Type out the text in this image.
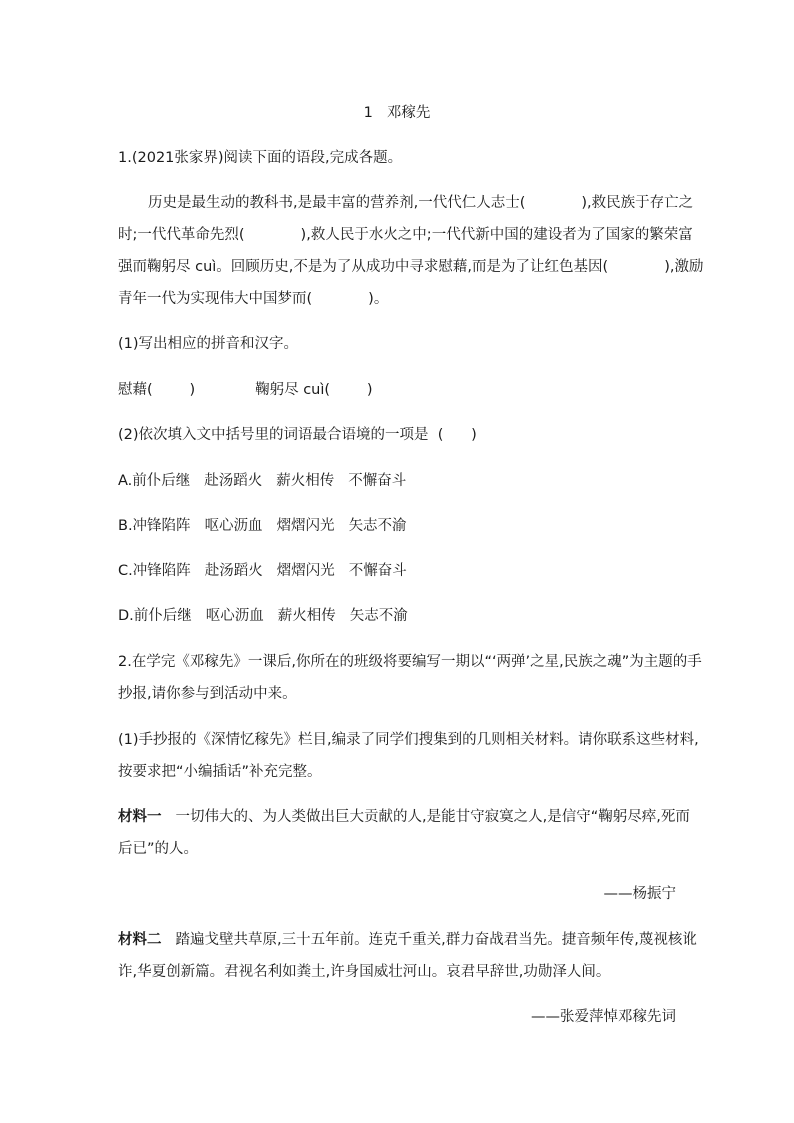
1 邓稼先
1.(2021张家界)阅读下面的语段,完成各题。
历史是最生动的教科书,是最丰富的营养剂,一代代仁人志士(	),救民族于存亡之
时;一代代革命先烈(	),救人民于水火之中;一代代新中国的建设者为了国家的繁荣富
强而鞠躬尽 cuì。回顾历史,不是为了从成功中寻求慰藉,而是为了让红色基因(	),激励
青年一代为实现伟大中国梦而(	)。
(1)写出相应的拼音和汉字。
慰藉(        )             鞠躬尽 cuì(        )
(2)依次填入文中括号里的词语最合语境的一项是  (      )
A.前仆后继 赴汤蹈火 薪火相传 不懈奋斗
B.冲锋陷阵 呕心沥血 熠熠闪光 矢志不渝
C.冲锋陷阵 赴汤蹈火 熠熠闪光 不懈奋斗
D.前仆后继 呕心沥血 薪火相传 矢志不渝
2.在学完《邓稼先》一课后,你所在的班级将要编写一期以“‘两弹’之星,民族之魂”为主题的手
抄报,请你参与到活动中来。
(1)手抄报的《深情忆稼先》栏目,编录了同学们搜集到的几则相关材料。请你联系这些材料,
按要求把“小编插话”补充完整。
材料一 一切伟大的、为人类做出巨大贡献的人,是能甘守寂寞之人,是信守“鞠躬尽瘁,死而
后已”的人。
——杨振宁
材料二 踏遍戈壁共草原,三十五年前。连克千重关,群力奋战君当先。捷音频年传,蔑视核讹
诈,华夏创新篇。君视名利如粪土,许身国威壮河山。哀君早辞世,功勋泽人间。
——张爱萍悼邓稼先词
